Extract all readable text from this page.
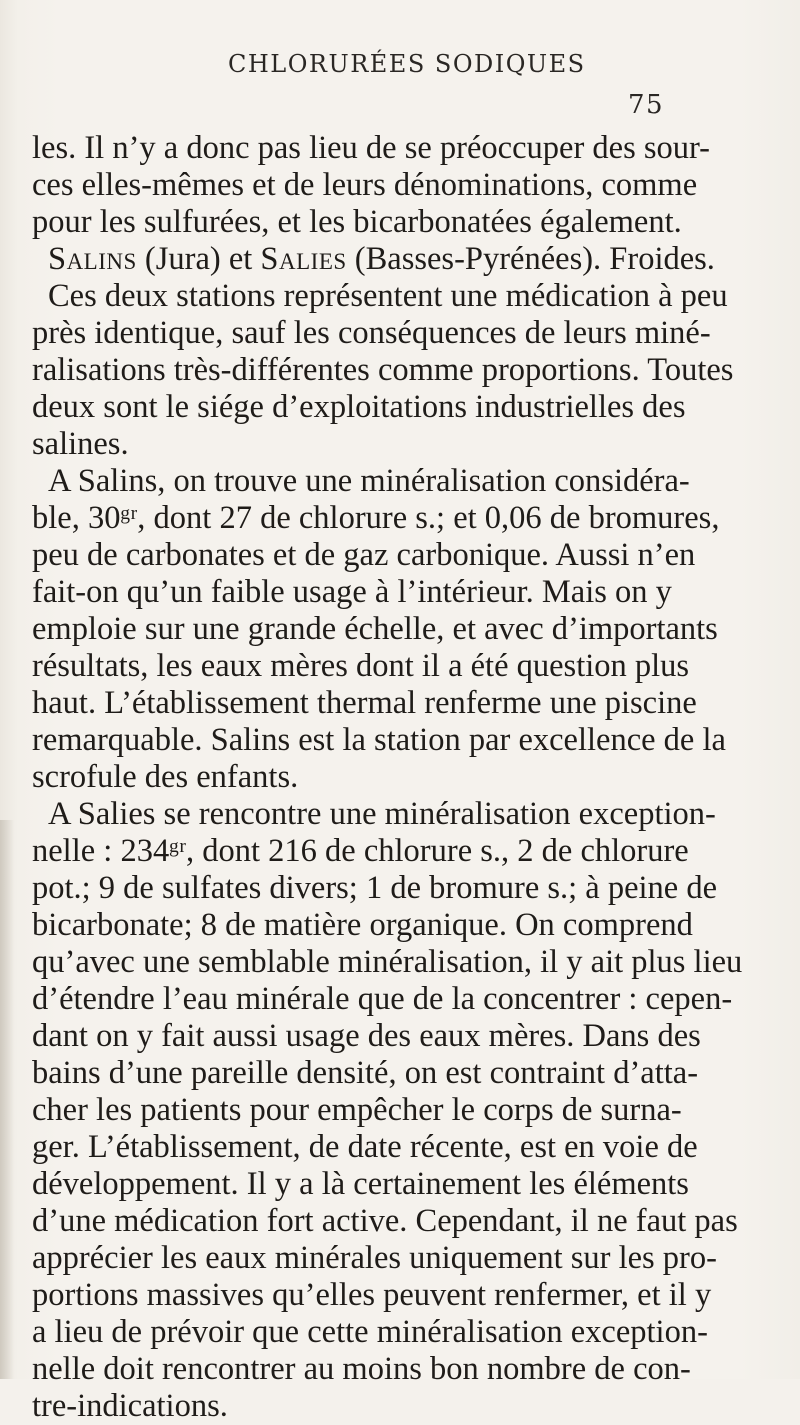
CHLORURÉES SODIQUES
75
les. Il n’y a donc pas lieu de se préoccuper des sour-
ces elles-mêmes et de leurs dénominations, comme
pour les sulfurées, et les bicarbonatées également.
Salins (Jura) et Salies (Basses-Pyrénées). Froides.
Ces deux stations représentent une médication à peu
près identique, sauf les conséquences de leurs miné-
ralisations très-différentes comme proportions. Toutes
deux sont le siége d’exploitations industrielles des
salines.
A Salins, on trouve une minéralisation considéra-
ble, 30ᵍʳ, dont 27 de chlorure s.; et 0,06 de bromures,
peu de carbonates et de gaz carbonique. Aussi n’en
fait-on qu’un faible usage à l’intérieur. Mais on y
emploie sur une grande échelle, et avec d’importants
résultats, les eaux mères dont il a été question plus
haut. L’établissement thermal renferme une piscine
remarquable. Salins est la station par excellence de la
scrofule des enfants.
A Salies se rencontre une minéralisation exception-
nelle : 234ᵍʳ, dont 216 de chlorure s., 2 de chlorure
pot.; 9 de sulfates divers; 1 de bromure s.; à peine de
bicarbonate; 8 de matière organique. On comprend
qu’avec une semblable minéralisation, il y ait plus lieu
d’étendre l’eau minérale que de la concentrer : cepen-
dant on y fait aussi usage des eaux mères. Dans des
bains d’une pareille densité, on est contraint d’atta-
cher les patients pour empêcher le corps de surna-
ger. L’établissement, de date récente, est en voie de
développement. Il y a là certainement les éléments
d’une médication fort active. Cependant, il ne faut pas
apprécier les eaux minérales uniquement sur les pro-
portions massives qu’elles peuvent renfermer, et il y
a lieu de prévoir que cette minéralisation exception-
nelle doit rencontrer au moins bon nombre de con-
tre-indications.
